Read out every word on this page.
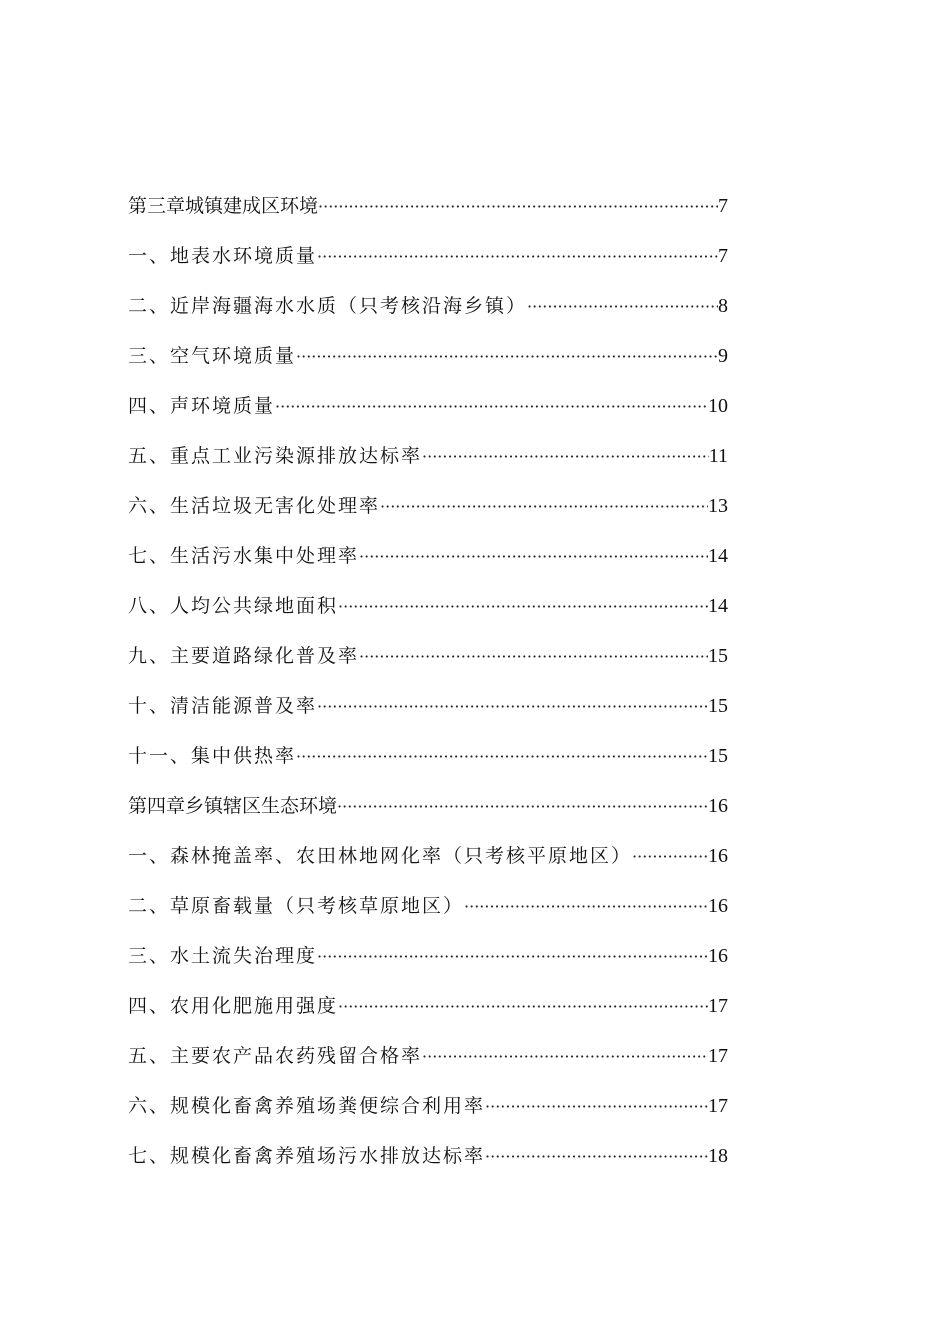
第三章城镇建成区环境 ·····	7
一、地表水环境质量 ·····	7
二、近岸海疆海水水质（只考核沿海乡镇） ·····	8
三、空气环境质量 ·····	9
四、声环境质量 ·····	10
五、重点工业污染源排放达标率 ·····	11
六、生活垃圾无害化处理率 ·····	13
七、生活污水集中处理率 ·····	14
八、人均公共绿地面积 ·····	14
九、主要道路绿化普及率 ·····	15
十、清洁能源普及率 ·····	15
十一、集中供热率 ·····	15
第四章乡镇辖区生态环境 ·····	16
一、森林掩盖率、农田林地网化率（只考核平原地区） ·····	16
二、草原畜载量（只考核草原地区） ·····	16
三、水土流失治理度 ·····	16
四、农用化肥施用强度 ·····	17
五、主要农产品农药残留合格率 ·····	17
六、规模化畜禽养殖场粪便综合利用率 ·····	17
七、规模化畜禽养殖场污水排放达标率 ·····	18
